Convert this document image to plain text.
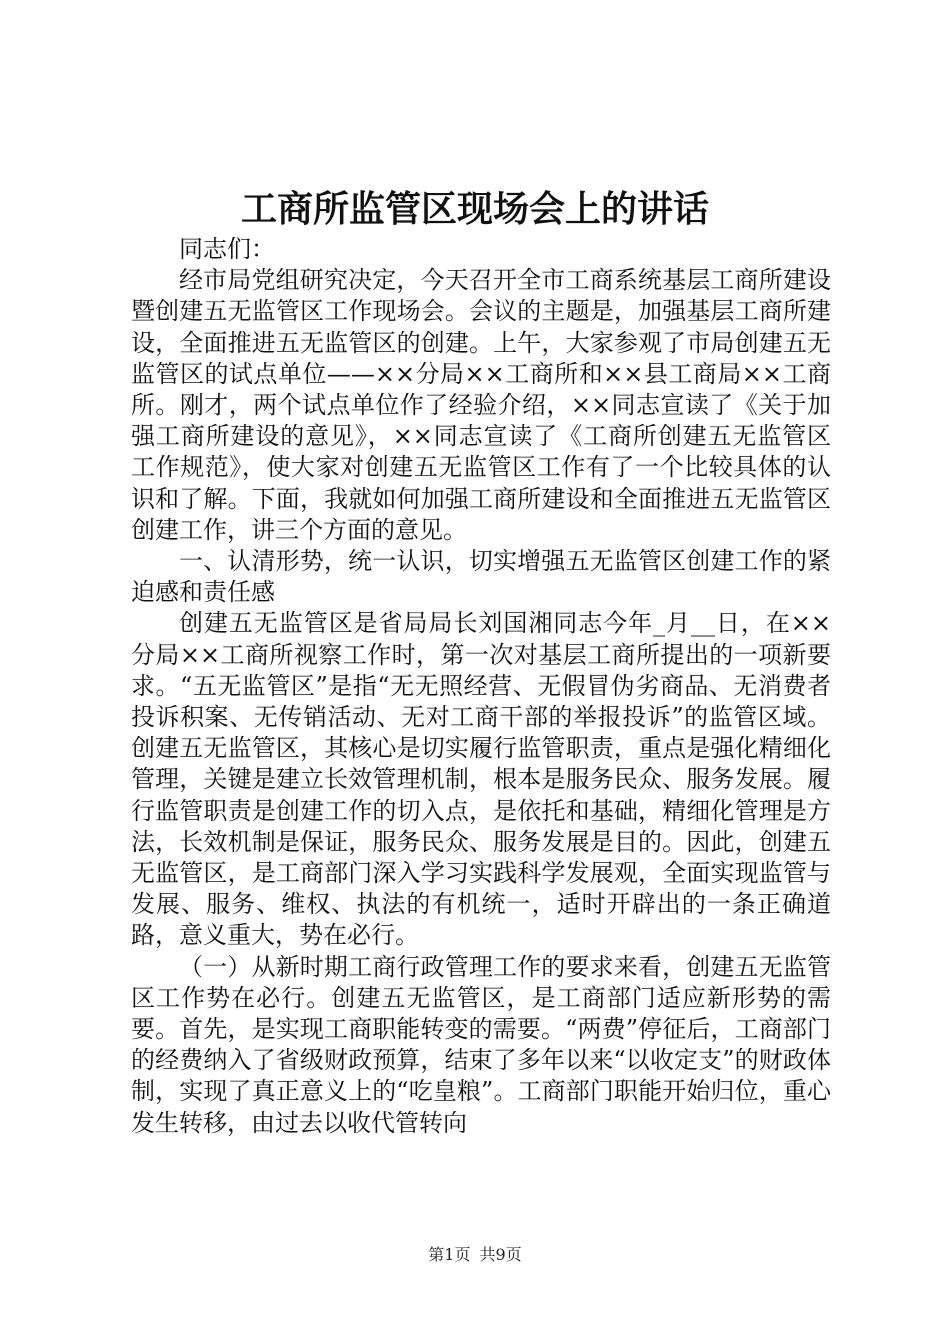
工商所监管区现场会上的讲话

同志们：

经市局党组研究决定，今天召开全市工商系统基层工商所建设暨创建五无监管区工作现场会。会议的主题是，加强基层工商所建设，全面推进五无监管区的创建。上午，大家参观了市局创建五无监管区的试点单位——××分局××工商所和××县工商局××工商所。刚才，两个试点单位作了经验介绍，××同志宣读了《关于加强工商所建设的意见》，××同志宣读了《工商所创建五无监管区工作规范》，使大家对创建五无监管区工作有了一个比较具体的认识和了解。下面，我就如何加强工商所建设和全面推进五无监管区创建工作，讲三个方面的意见。

一、认清形势，统一认识，切实增强五无监管区创建工作的紧迫感和责任感

创建五无监管区是省局局长刘国湘同志今年_月__日，在××分局××工商所视察工作时，第一次对基层工商所提出的一项新要求。“五无监管区”是指“无无照经营、无假冒伪劣商品、无消费者投诉积案、无传销活动、无对工商干部的举报投诉”的监管区域。创建五无监管区，其核心是切实履行监管职责，重点是强化精细化管理，关键是建立长效管理机制，根本是服务民众、服务发展。履行监管职责是创建工作的切入点，是依托和基础，精细化管理是方法，长效机制是保证，服务民众、服务发展是目的。因此，创建五无监管区，是工商部门深入学习实践科学发展观，全面实现监管与发展、服务、维权、执法的有机统一，适时开辟出的一条正确道路，意义重大，势在必行。

（一）从新时期工商行政管理工作的要求来看，创建五无监管区工作势在必行。创建五无监管区，是工商部门适应新形势的需要。首先，是实现工商职能转变的需要。“两费”停征后，工商部门的经费纳入了省级财政预算，结束了多年以来“以收定支”的财政体制，实现了真正意义上的“吃皇粮”。工商部门职能开始归位，重心发生转移，由过去以收代管转向

第1页 共9页
